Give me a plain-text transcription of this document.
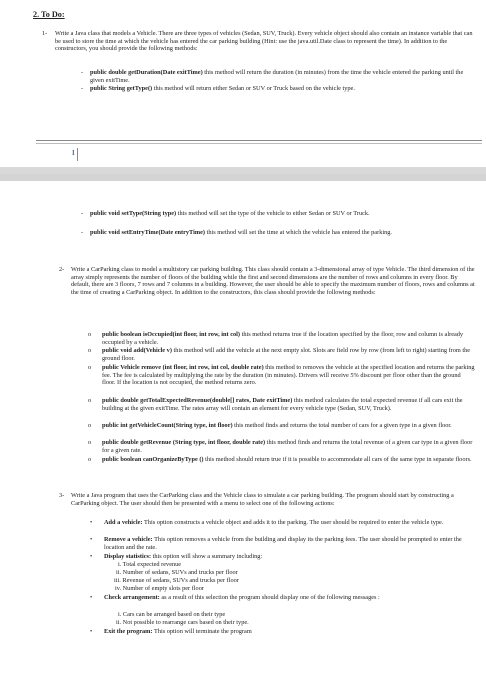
2. To Do:
1- Write a Java class that models a Vehicle. There are three types of vehicles (Sedan, SUV, Truck). Every vehicle object should also contain an instance variable that can be used to store the time at which the vehicle has entered the car parking building (Hint: use the java.util.Date class to represent the time). In addition to the constructors, you should provide the following methods:
- public double getDuration(Date exitTime) this method will return the duration (in minutes) from the time the vehicle entered the parking until the given exitTime.
- public String getType() this method will return either Sedan or SUV or Truck based on the vehicle type.
I
- public void setType(String type) this method will set the type of the vehicle to either Sedan or SUV or Truck.
- public void setEntryTime(Date entryTime) this method will set the time at which the vehicle has entered the parking.
2- Write a CarParking class to model a multistory car parking building. This class should contain a 3-dimensional array of type Vehicle. The third dimension of the array simply represents the number of floors of the building while the first and second dimensions are the number of rows and columns in every floor. By default, there are 3 floors, 7 rows and 7 columns in a building. However, the user should be able to specify the maximum number of floors, rows and columns at the time of creating a CarParking object. In addition to the constructors, this class should provide the following methods:
o public boolean isOccupied(int floor, int row, int col) this method returns true if the location specified by the floor, row and column is already occupied by a vehicle.
o public void add(Vehicle v) this method will add the vehicle at the next empty slot. Slots are field row by row (from left to right) starting from the ground floor.
o public Vehicle remove (int floor, int row, int col, double rate) this method to removes the vehicle at the specified location and returns the parking fee. The fee is calculated by multiplying the rate by the duration (in minutes). Drivers will receive 5% discount per floor other than the ground floor. If the location is not occupied, the method returns zero.
o public double getTotalExpectedRevenue(double[] rates, Date exitTime) this method calculates the total expected revenue if all cars exit the building at the given exitTime. The rates array will contain an element for every vehicle type (Sedan, SUV, Truck).
o public int getVehicleCount(String type, int floor) this method finds and returns the total number of cars for a given type in a given floor.
o public double getRevenue (String type, int floor, double rate) this method finds and returns the total revenue of a given car type in a given floor for a given rate.
o public boolean canOrganizeByType () this method should return true if it is possible to accommodate all cars of the same type in separate floors.
3- Write a Java program that uses the CarParking class and the Vehicle class to simulate a car parking building. The program should start by constructing a CarParking object. The user should then be presented with a menu to select one of the following actions:
• Add a vehicle: This option constructs a vehicle object and adds it to the parking. The user should be required to enter the vehicle type.
• Remove a vehicle: This option removes a vehicle from the building and display its the parking fees. The user should be prompted to enter the location and the rate.
• Display statistics: this option will show a summary including:
i. Total expected revenue
ii. Number of sedans, SUVs and trucks per floor
iii. Revenue of sedans, SUVs and trucks per floor
iv. Number of empty slots per floor
• Check arrangement: as a result of this selection the program should display one of the following messages :
i. Cars can be arranged based on their type
ii. Not possible to rearrange cars based on their type.
• Exit the program: This option will terminate the program
